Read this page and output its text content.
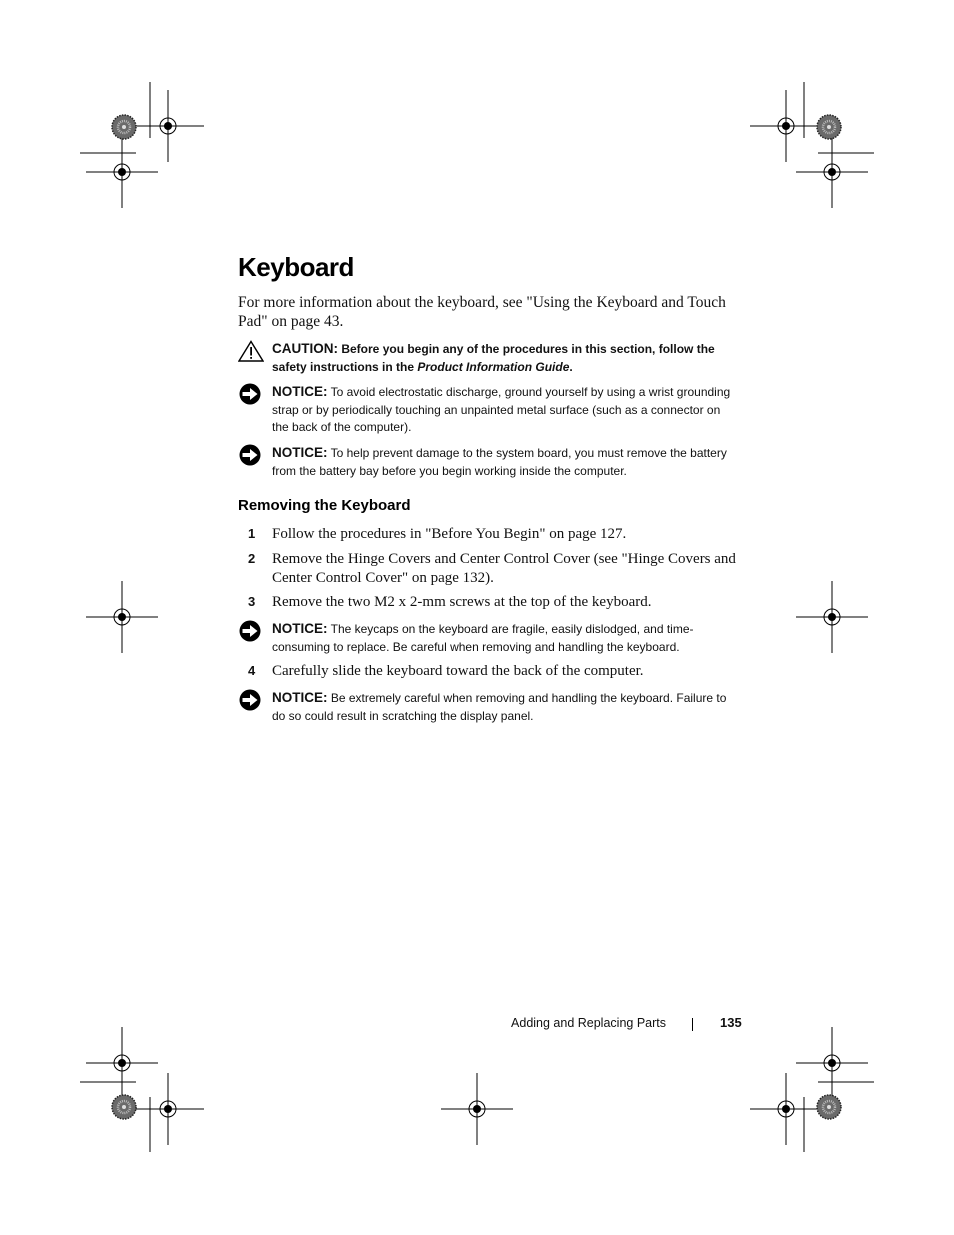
Keyboard

For more information about the keyboard, see "Using the Keyboard and Touch Pad" on page 43.

CAUTION: Before you begin any of the procedures in this section, follow the safety instructions in the Product Information Guide.
NOTICE: To avoid electrostatic discharge, ground yourself by using a wrist grounding strap or by periodically touching an unpainted metal surface (such as a connector on the back of the computer).
NOTICE: To help prevent damage to the system board, you must remove the battery from the battery bay before you begin working inside the computer.
Removing the Keyboard
1 Follow the procedures in "Before You Begin" on page 127.
2 Remove the Hinge Covers and Center Control Cover (see "Hinge Covers and Center Control Cover" on page 132).
3 Remove the two M2 x 2-mm screws at the top of the keyboard.
NOTICE: The keycaps on the keyboard are fragile, easily dislodged, and time-consuming to replace. Be careful when removing and handling the keyboard.
4 Carefully slide the keyboard toward the back of the computer.
NOTICE: Be extremely careful when removing and handling the keyboard. Failure to do so could result in scratching the display panel.
Adding and Replacing Parts	135
